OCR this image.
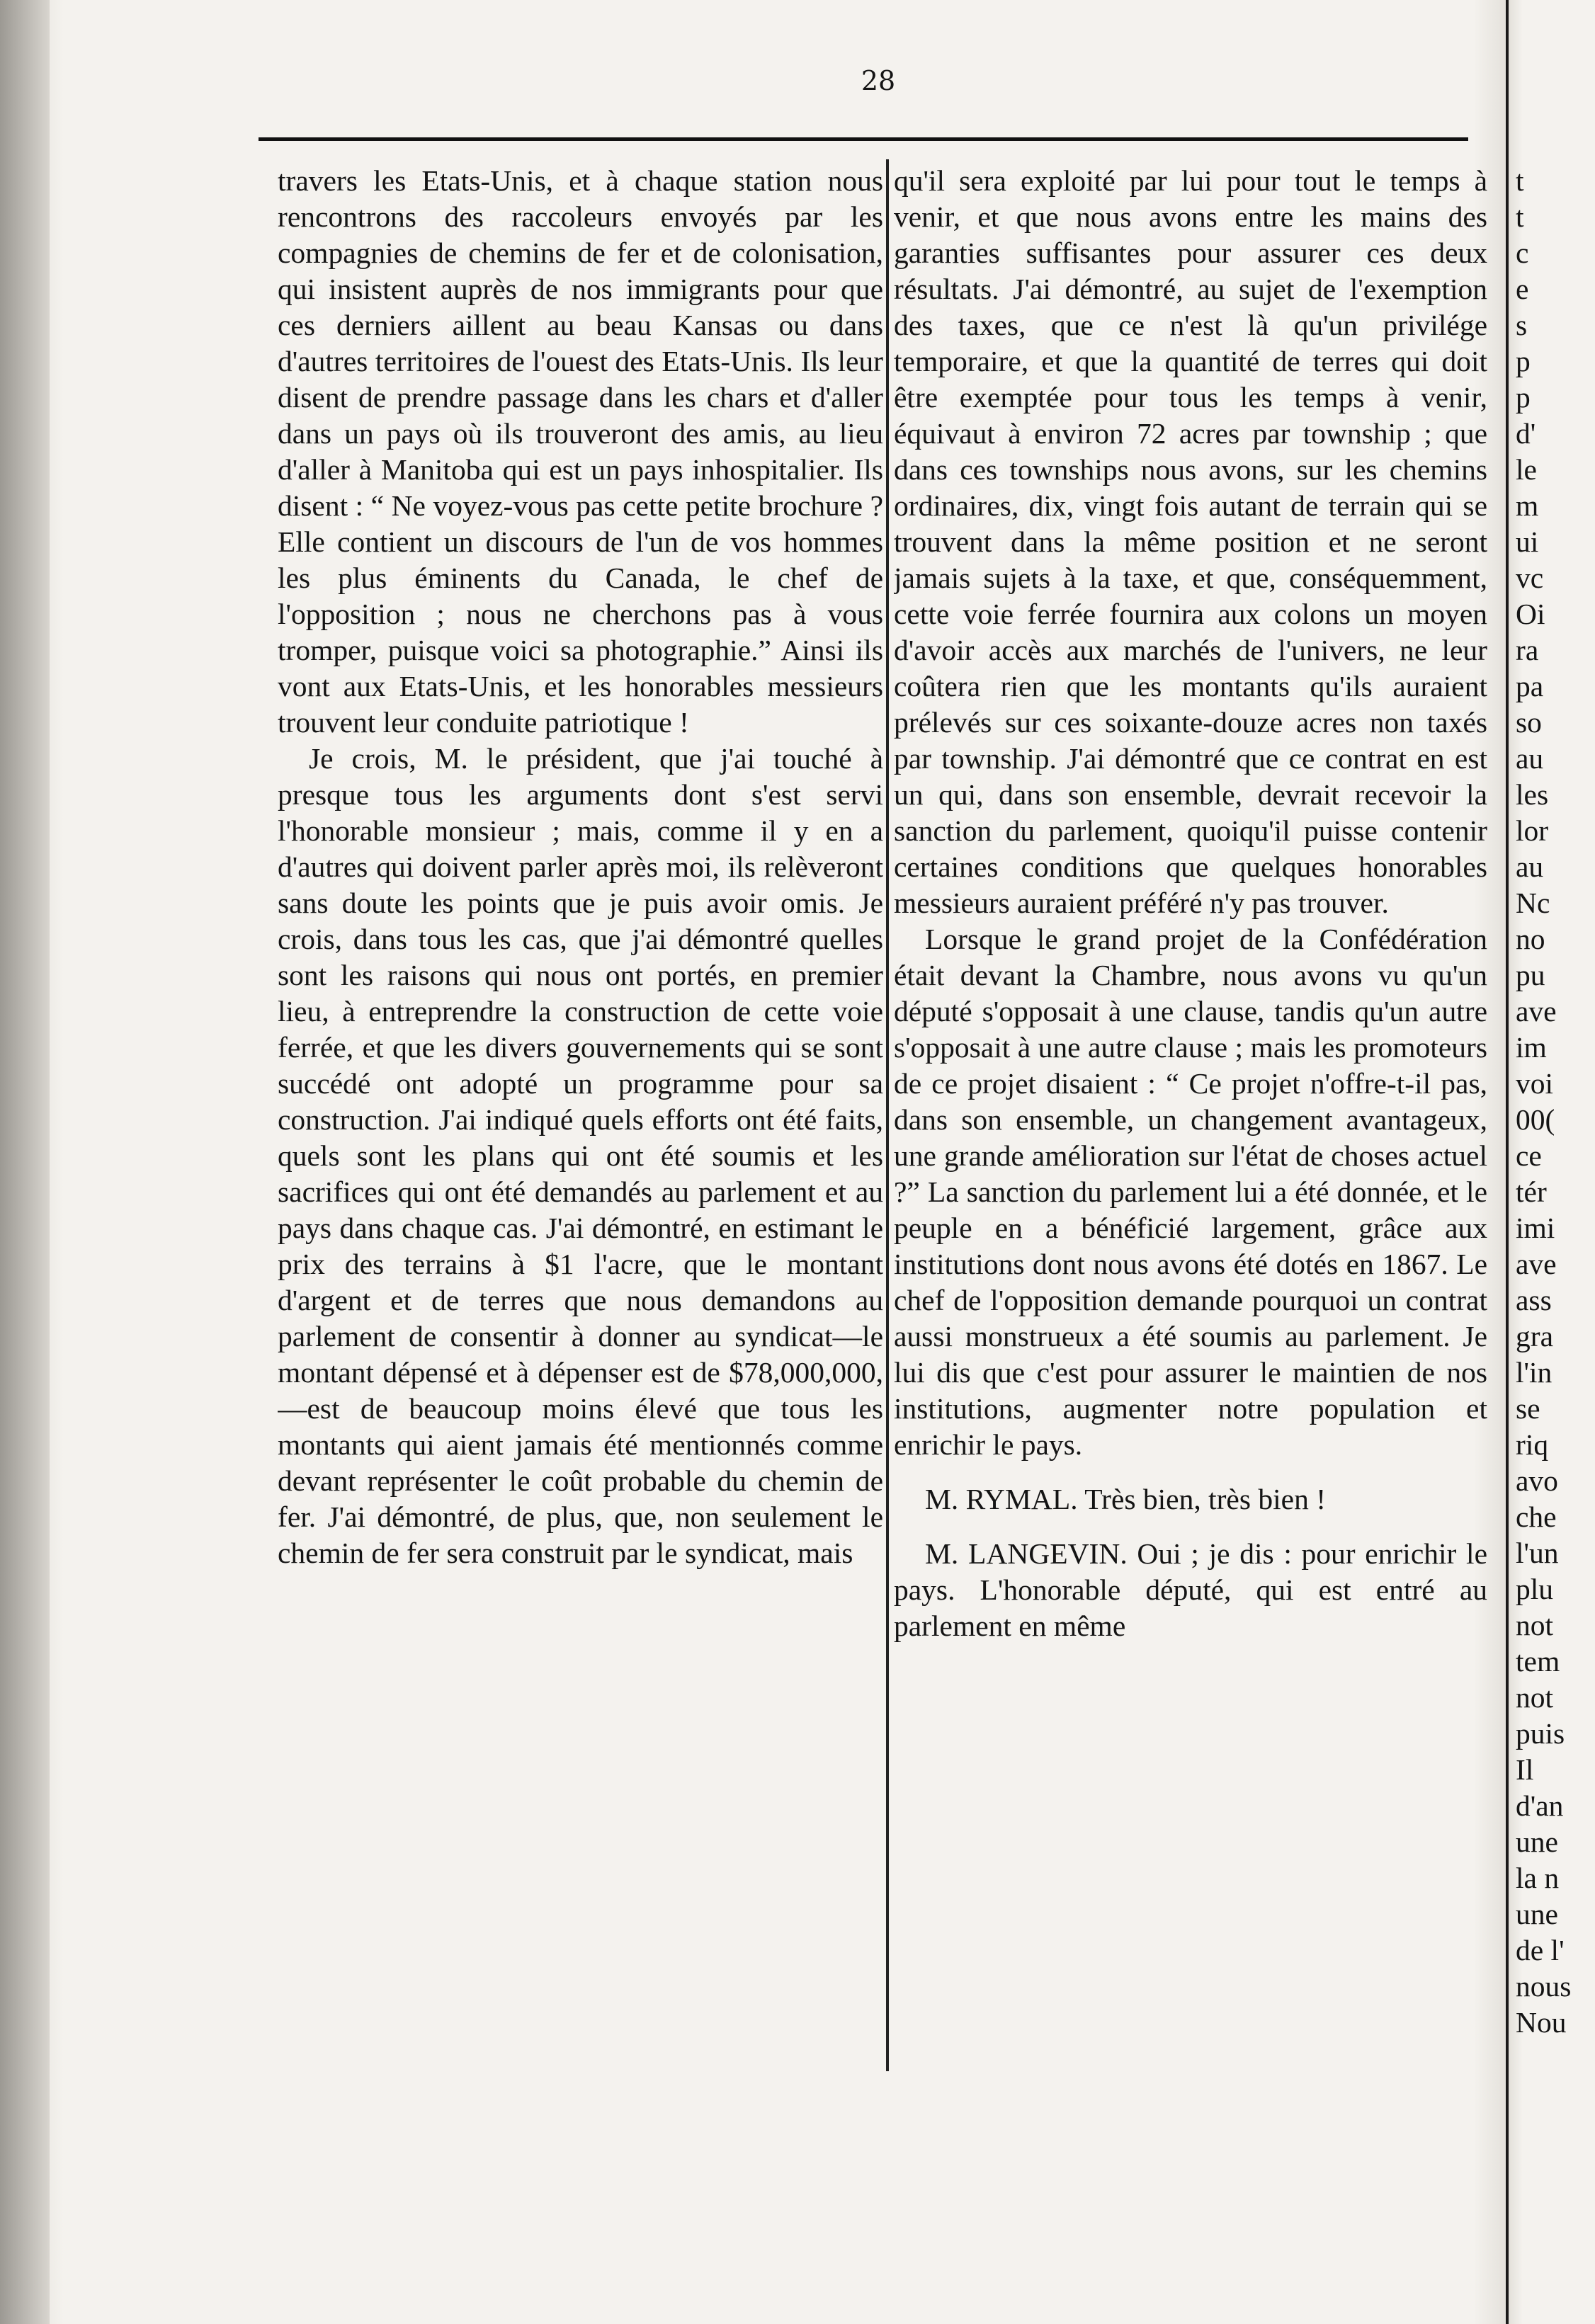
28

travers les Etats-Unis, et à chaque station nous rencontrons des raccoleurs envoyés par les compagnies de chemins de fer et de colonisation, qui insistent auprès de nos immigrants pour que ces derniers aillent au beau Kansas ou dans d'autres territoires de l'ouest des Etats-Unis. Ils leur disent de prendre passage dans les chars et d'aller dans un pays où ils trouveront des amis, au lieu d'aller à Manitoba qui est un pays inhospitalier. Ils disent : “ Ne voyez-vous pas cette petite brochure ? Elle contient un discours de l'un de vos hommes les plus éminents du Canada, le chef de l'opposition ; nous ne cherchons pas à vous tromper, puisque voici sa photographie.” Ainsi ils vont aux Etats-Unis, et les honorables messieurs trouvent leur conduite patriotique !

Je crois, M. le président, que j'ai touché à presque tous les arguments dont s'est servi l'honorable monsieur ; mais, comme il y en a d'autres qui doivent parler après moi, ils relèveront sans doute les points que je puis avoir omis. Je crois, dans tous les cas, que j'ai démontré quelles sont les raisons qui nous ont portés, en premier lieu, à entreprendre la construction de cette voie ferrée, et que les divers gouvernements qui se sont succédé ont adopté un programme pour sa construction. J'ai indiqué quels efforts ont été faits, quels sont les plans qui ont été soumis et les sacrifices qui ont été demandés au parlement et au pays dans chaque cas. J'ai démontré, en estimant le prix des terrains à $1 l'acre, que le montant d'argent et de terres que nous demandons au parlement de consentir à donner au syndicat—le montant dépensé et à dépenser est de $78,000,000,—est de beaucoup moins élevé que tous les montants qui aient jamais été mentionnés comme devant représenter le coût probable du chemin de fer. J'ai démontré, de plus, que, non seulement le chemin de fer sera construit par le syndicat, mais

qu'il sera exploité par lui pour tout le temps à venir, et que nous avons entre les mains des garanties suffisantes pour assurer ces deux résultats. J'ai démontré, au sujet de l'exemption des taxes, que ce n'est là qu'un privilége temporaire, et que la quantité de terres qui doit être exemptée pour tous les temps à venir, équivaut à environ 72 acres par township ; que dans ces townships nous avons, sur les chemins ordinaires, dix, vingt fois autant de terrain qui se trouvent dans la même position et ne seront jamais sujets à la taxe, et que, conséquemment, cette voie ferrée fournira aux colons un moyen d'avoir accès aux marchés de l'univers, ne leur coûtera rien que les montants qu'ils auraient prélevés sur ces soixante-douze acres non taxés par township. J'ai démontré que ce contrat en est un qui, dans son ensemble, devrait recevoir la sanction du parlement, quoiqu'il puisse contenir certaines conditions que quelques honorables messieurs auraient préféré n'y pas trouver.

Lorsque le grand projet de la Confédération était devant la Chambre, nous avons vu qu'un député s'opposait à une clause, tandis qu'un autre s'opposait à une autre clause ; mais les promoteurs de ce projet disaient : “ Ce projet n'offre-t-il pas, dans son ensemble, un changement avantageux, une grande amélioration sur l'état de choses actuel ?” La sanction du parlement lui a été donnée, et le peuple en a bénéficié largement, grâce aux institutions dont nous avons été dotés en 1867. Le chef de l'opposition demande pourquoi un contrat aussi monstrueux a été soumis au parlement. Je lui dis que c'est pour assurer le maintien de nos institutions, augmenter notre population et enrichir le pays.

M. RYMAL. Très bien, très bien !

M. LANGEVIN. Oui ; je dis : pour enrichir le pays. L'honorable député, qui est entré au parlement en même

t
t
c
e
s
p
p
d'
le
m
ui
vc
Oi
ra
pa
so
au
les
lor
au
Nc
no
pu
ave
im
voi
00(
ce
tér
imi
ave
ass
gra
l'in
se
riq
avo
che
l'un
plu
not
tem
not
puis
Il
d'an
une
la n
une
de l'
nous
Nou
